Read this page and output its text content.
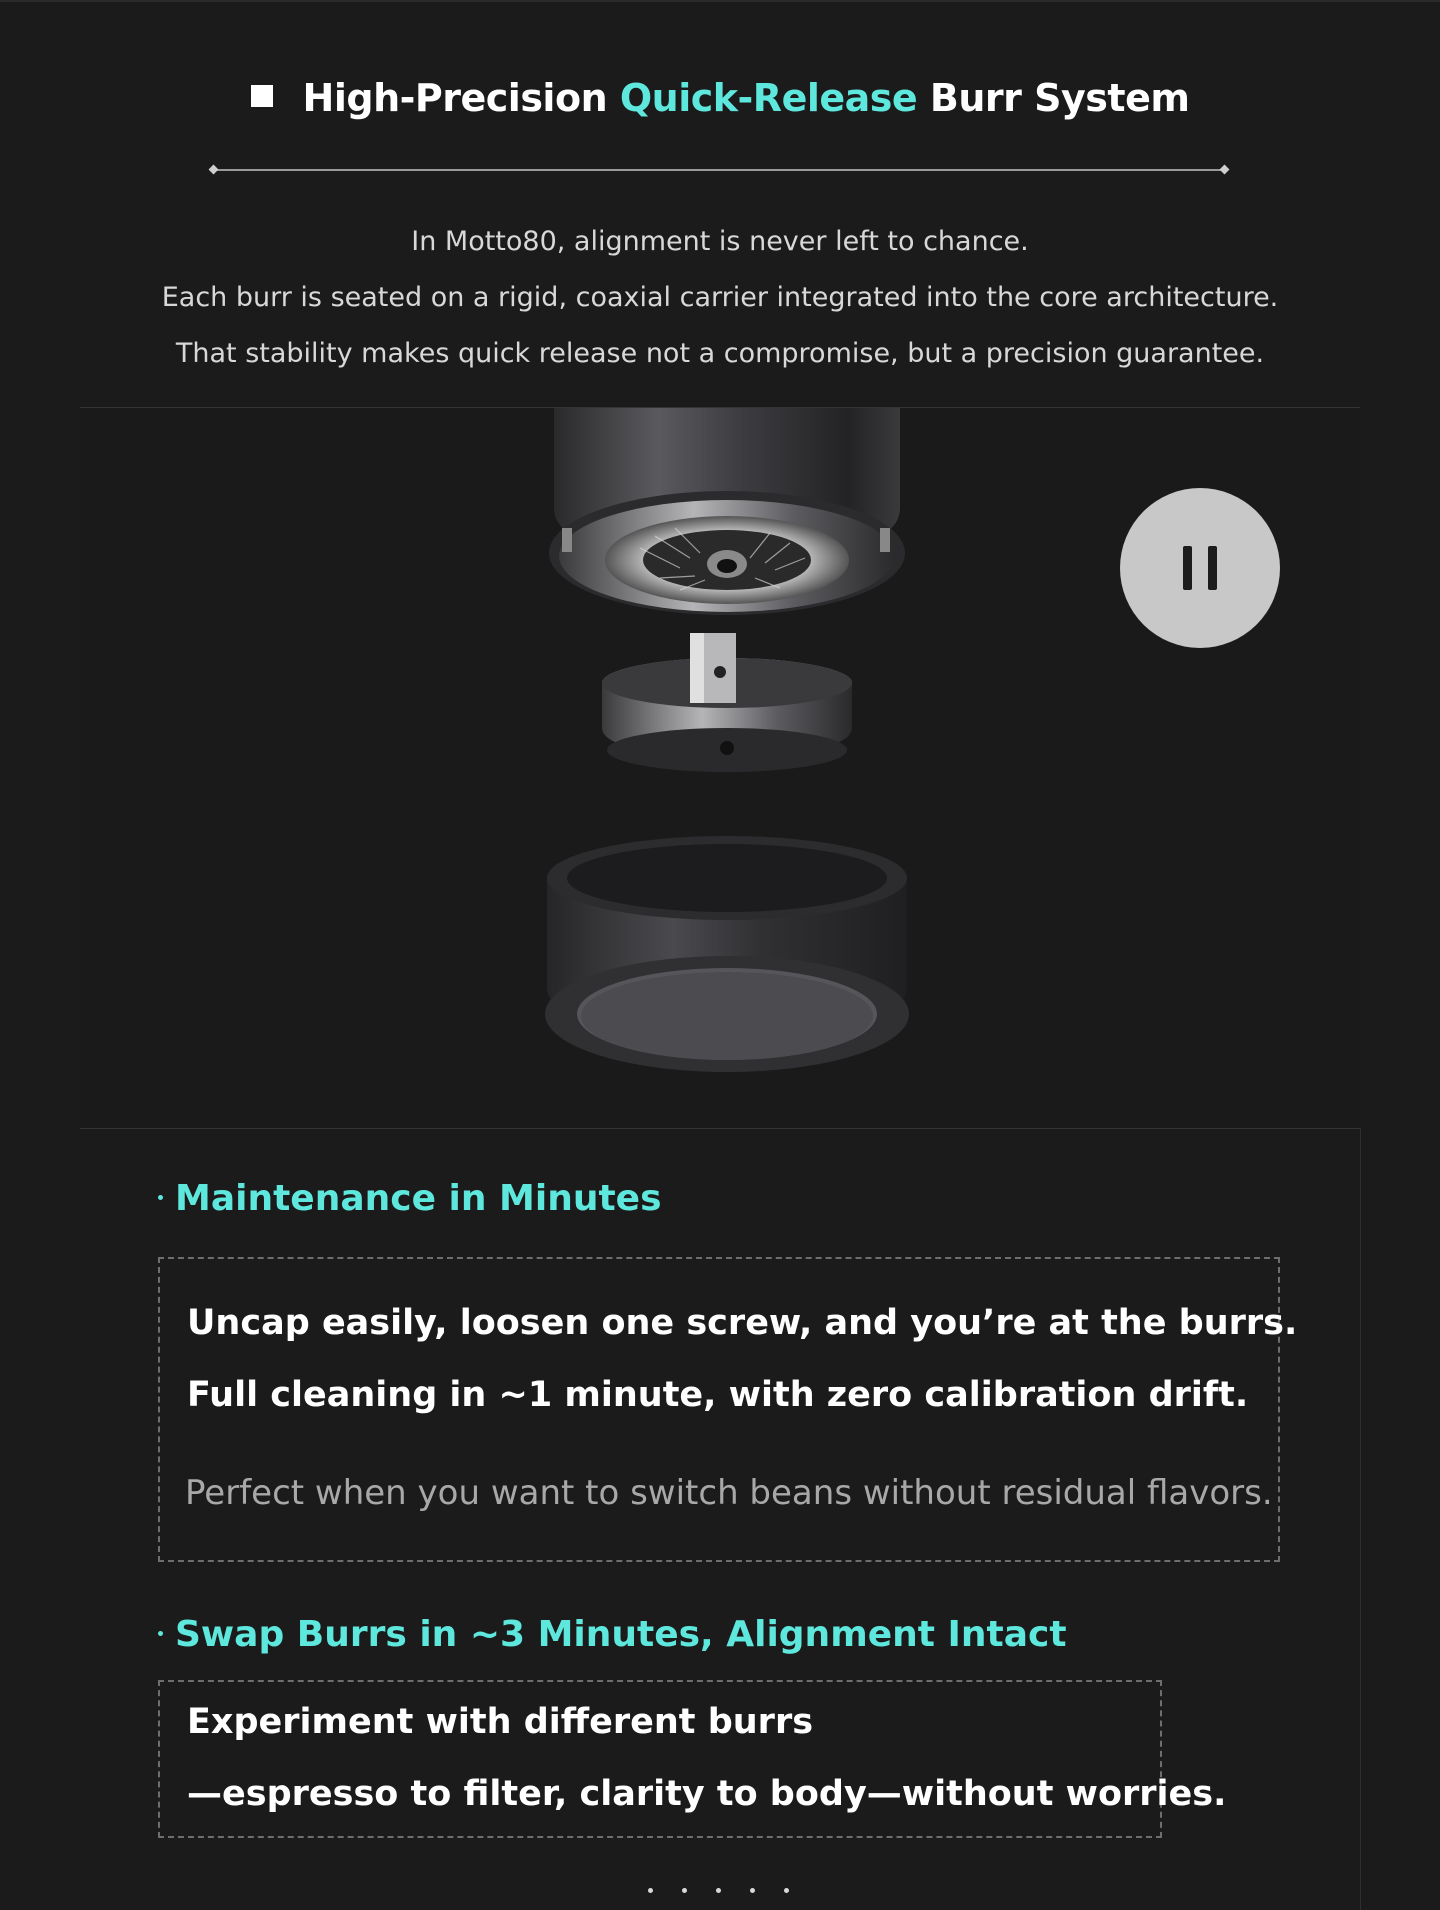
High-Precision Quick-Release Burr System
In Motto80, alignment is never left to chance.
Each burr is seated on a rigid, coaxial carrier integrated into the core architecture.
That stability makes quick release not a compromise, but a precision guarantee.
Maintenance in Minutes
Uncap easily, loosen one screw, and you’re at the burrs.
Full cleaning in ~1 minute, with zero calibration drift.
Perfect when you want to switch beans without residual flavors.
Swap Burrs in ~3 Minutes, Alignment Intact
Experiment with different burrs
—espresso to filter, clarity to body—without worries.
